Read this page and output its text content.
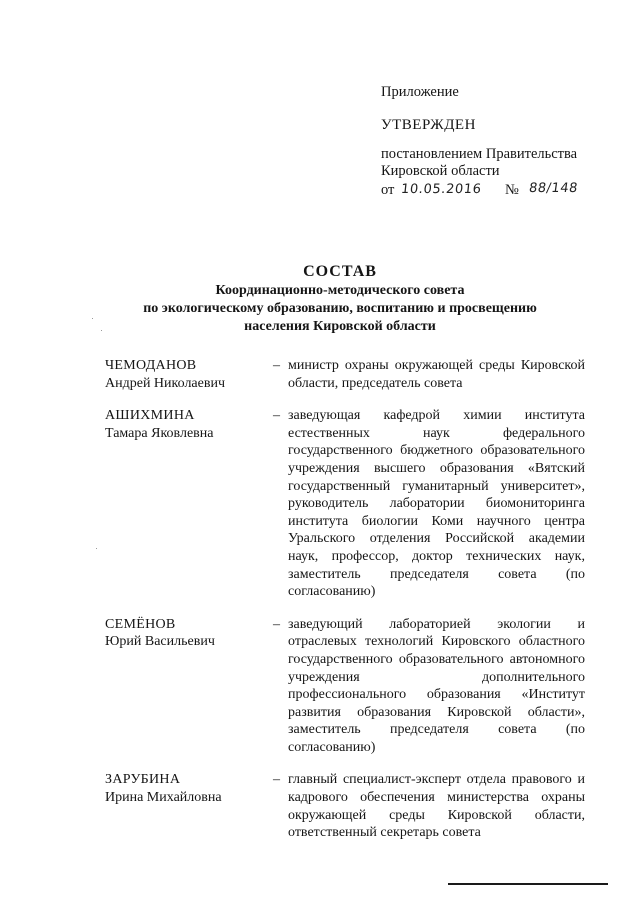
Приложение

УТВЕРЖДЕН

постановлением Правительства
Кировской области
от 10.05.2016 № 88/148

СОСТАВ

Координационно-методического совета

по экологическому образованию, воспитанию и просвещению

населения Кировской области

ЧЕМОДАНОВ
Андрей Николаевич
– министр охраны окружающей среды Кировской области, председатель совета
АШИХМИНА
Тамара Яковлевна
– заведующая кафедрой химии института естественных наук федерального государственного бюджетного образовательного учреждения высшего образования «Вятский государственный гуманитарный университет», руководитель лаборатории биомониторинга института биологии Коми научного центра Уральского отделения Российской академии наук, профессор, доктор технических наук, заместитель председателя совета (по согласованию)
СЕМЁНОВ
Юрий Васильевич
– заведующий лабораторией экологии и отраслевых технологий Кировского областного государственного образовательного автономного учреждения дополнительного профессионального образования «Институт развития образования Кировской области», заместитель председателя совета (по согласованию)
ЗАРУБИНА
Ирина Михайловна
– главный специалист-эксперт отдела правового и кадрового обеспечения министерства охраны окружающей среды Кировской области, ответственный секретарь совета
